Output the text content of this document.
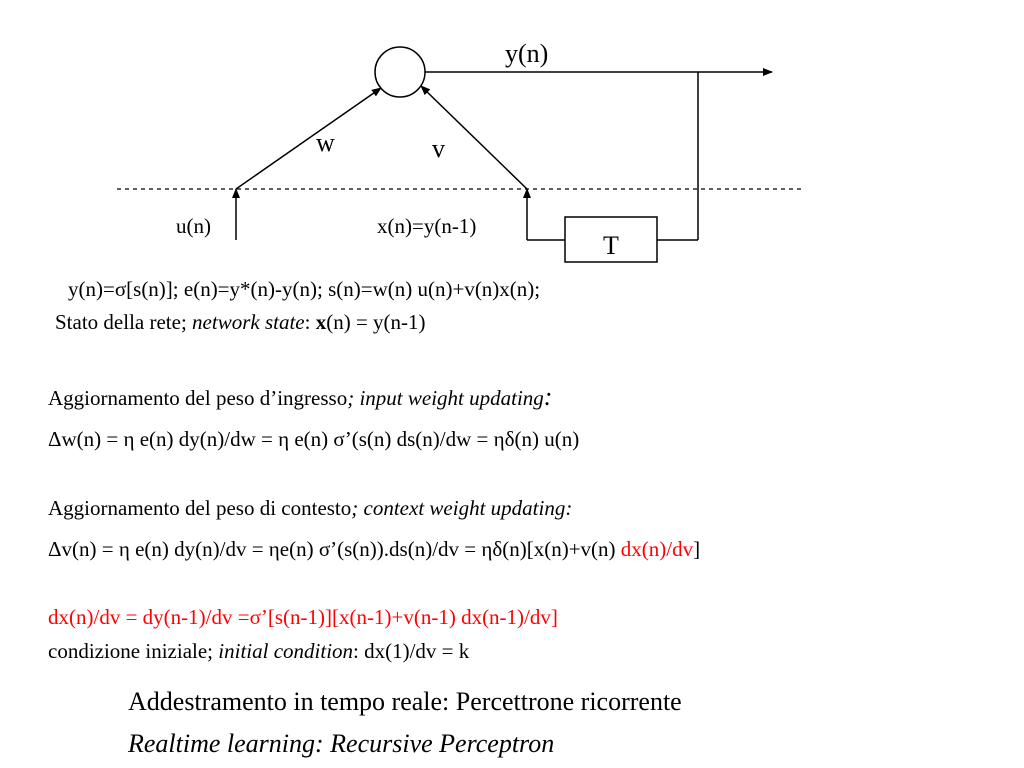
y(n)
w	v
u(n)	x(n)=y(n-1)
T
y(n)=σ[s(n)]; e(n)=y*(n)-y(n); s(n)=w(n) u(n)+v(n)x(n);
Stato della rete; network state: x(n) = y(n-1)
Aggiornamento del peso d’ingresso; input weight updating:
Δw(n) = η e(n) dy(n)/dw = η e(n) σ’(s(n) ds(n)/dw = ηδ(n) u(n)
Aggiornamento del peso di contesto; context weight updating:
Δv(n) = η e(n) dy(n)/dv = ηe(n) σ’(s(n)).ds(n)/dv = ηδ(n)[x(n)+v(n) dx(n)/dv]
dx(n)/dv = dy(n-1)/dv =σ’[s(n-1)][x(n-1)+v(n-1) dx(n-1)/dv]
condizione iniziale; initial condition: dx(1)/dv = k
Addestramento in tempo reale: Percettrone ricorrente
Realtime learning: Recursive Perceptron
